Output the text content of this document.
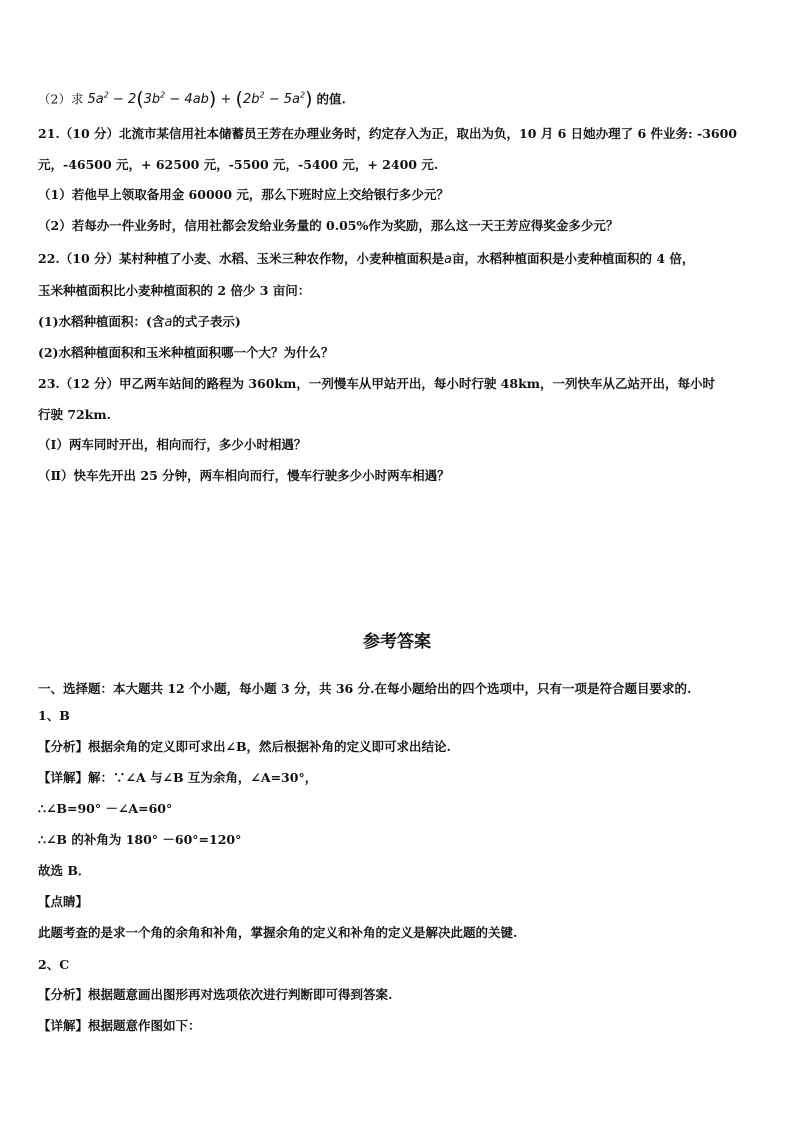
（2）求 $5a^2 - 2(3b^2 - 4ab) + (2b^2 - 5a^2)$ 的值.
21.（10 分）北流市某信用社本储蓄员王芳在办理业务时，约定存入为正，取出为负，10 月 6 日她办理了 6 件业务: -3600
元，-46500 元，+ 62500 元，-5500 元，-5400 元，+ 2400 元.
（1）若他早上领取备用金 60000 元，那么下班时应上交给银行多少元？
（2）若每办一件业务时，信用社都会发给业务量的 0.05%作为奖励，那么这一天王芳应得奖金多少元？
22.（10 分）某村种植了小麦、水稻、玉米三种农作物，小麦种植面积是a亩，水稻种植面积是小麦种植面积的 4 倍，
玉米种植面积比小麦种植面积的 2 倍少 3 亩问：
(1)水稻种植面积：(含a的式子表示)
(2)水稻种植面积和玉米种植面积哪一个大？为什么？
23.（12 分）甲乙两车站间的路程为 360km，一列慢车从甲站开出，每小时行驶 48km，一列快车从乙站开出，每小时
行驶 72km.
（Ⅰ）两车同时开出，相向而行，多少小时相遇？
（Ⅱ）快车先开出 25 分钟，两车相向而行，慢车行驶多少小时两车相遇？
参考答案
一、选择题：本大题共 12 个小题，每小题 3 分，共 36 分.在每小题给出的四个选项中，只有一项是符合题目要求的.
1、B
【分析】根据余角的定义即可求出∠B，然后根据补角的定义即可求出结论.
【详解】解：∵∠A 与∠B 互为余角，∠A=30°，
∴∠B=90° －∠A=60°
∴∠B 的补角为 180° －60°=120°
故选 B．
【点睛】
此题考查的是求一个角的余角和补角，掌握余角的定义和补角的定义是解决此题的关键.
2、C
【分析】根据题意画出图形再对选项依次进行判断即可得到答案.
【详解】根据题意作图如下：
